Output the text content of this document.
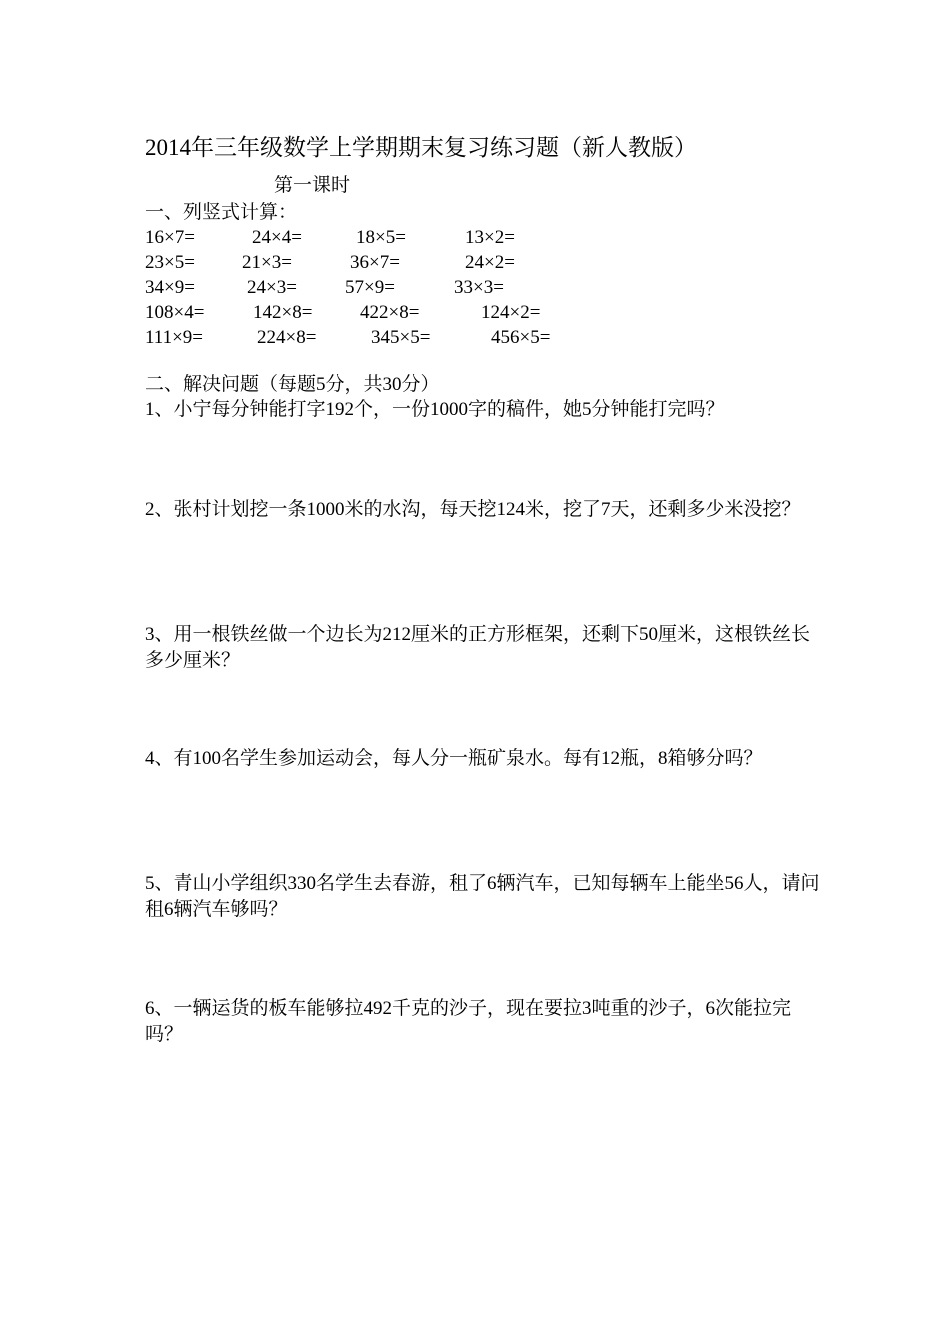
2014年三年级数学上学期期末复习练习题（新人教版）
第一课时
一、列竖式计算：
16×7=	24×4=	18×5=	13×2=
23×5= 21×3=	36×7=	24×2=
34×9=	24×3=	57×9=	33×3=
108×4=	142×8=	422×8=	124×2=
111×9=	224×8=	345×5=	456×5=
二、解决问题（每题5分，共30分）
1、小宁每分钟能打字192个，一份1000字的稿件，她5分钟能打完吗？
2、张村计划挖一条1000米的水沟，每天挖124米，挖了7天，还剩多少米没挖？
3、用一根铁丝做一个边长为212厘米的正方形框架，还剩下50厘米，这根铁丝长多少厘米？
4、有100名学生参加运动会，每人分一瓶矿泉水。每有12瓶，8箱够分吗？
5、青山小学组织330名学生去春游，租了6辆汽车，已知每辆车上能坐56人，请问租6辆汽车够吗？
6、一辆运货的板车能够拉492千克的沙子，现在要拉3吨重的沙子，6次能拉完吗？
